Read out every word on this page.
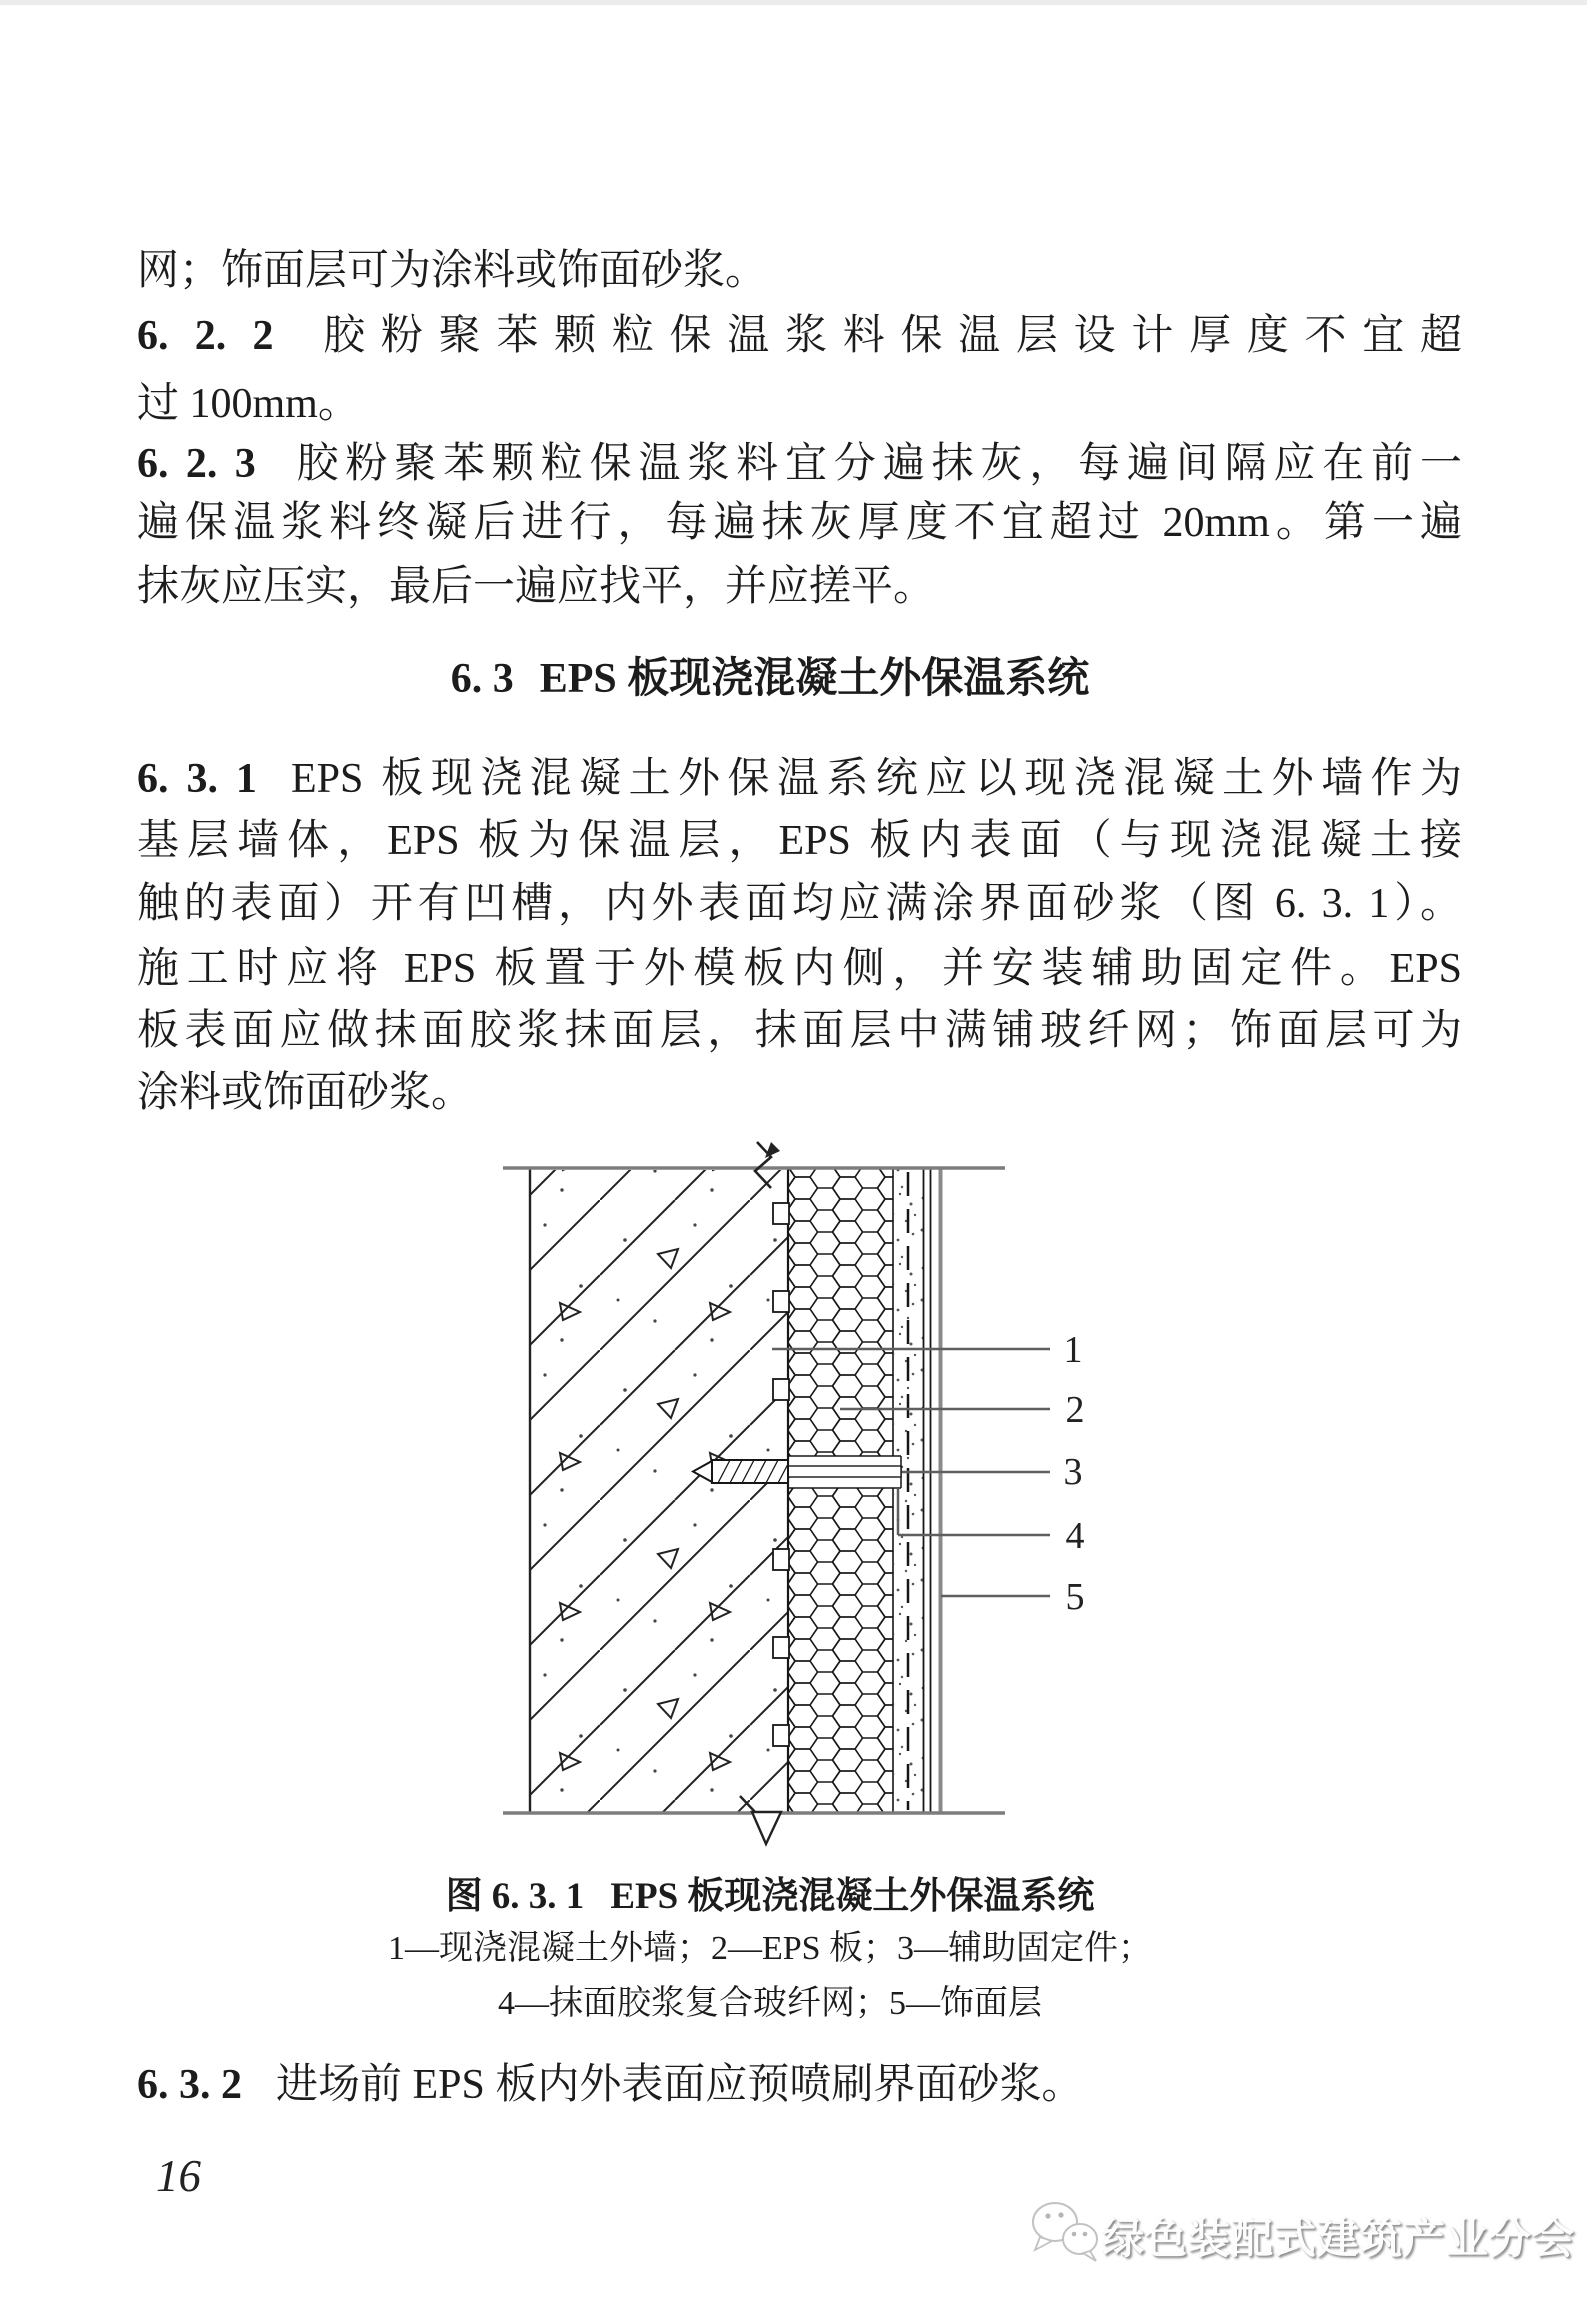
网；饰面层可为涂料或饰面砂浆。
6. 2. 2 胶粉聚苯颗粒保温浆料保温层设计厚度不宜超
过 100mm。
6. 2. 3 胶粉聚苯颗粒保温浆料宜分遍抹灰，每遍间隔应在前一
遍保温浆料终凝后进行，每遍抹灰厚度不宜超过 20mm。第一遍
抹灰应压实，最后一遍应找平，并应搓平。
6. 3 EPS 板现浇混凝土外保温系统
6. 3. 1 EPS 板现浇混凝土外保温系统应以现浇混凝土外墙作为
基层墙体，EPS 板为保温层，EPS 板内表面（与现浇混凝土接
触的表面）开有凹槽，内外表面均应满涂界面砂浆（图 6. 3. 1）。
施工时应将 EPS 板置于外模板内侧，并安装辅助固定件。EPS
板表面应做抹面胶浆抹面层，抹面层中满铺玻纤网；饰面层可为
涂料或饰面砂浆。
1
2
3
4
5
图 6. 3. 1 EPS 板现浇混凝土外保温系统
1—现浇混凝土外墙；2—EPS 板；3—辅助固定件；
4—抹面胶浆复合玻纤网；5—饰面层
6. 3. 2 进场前 EPS 板内外表面应预喷刷界面砂浆。
16
绿色装配式建筑产业分会
